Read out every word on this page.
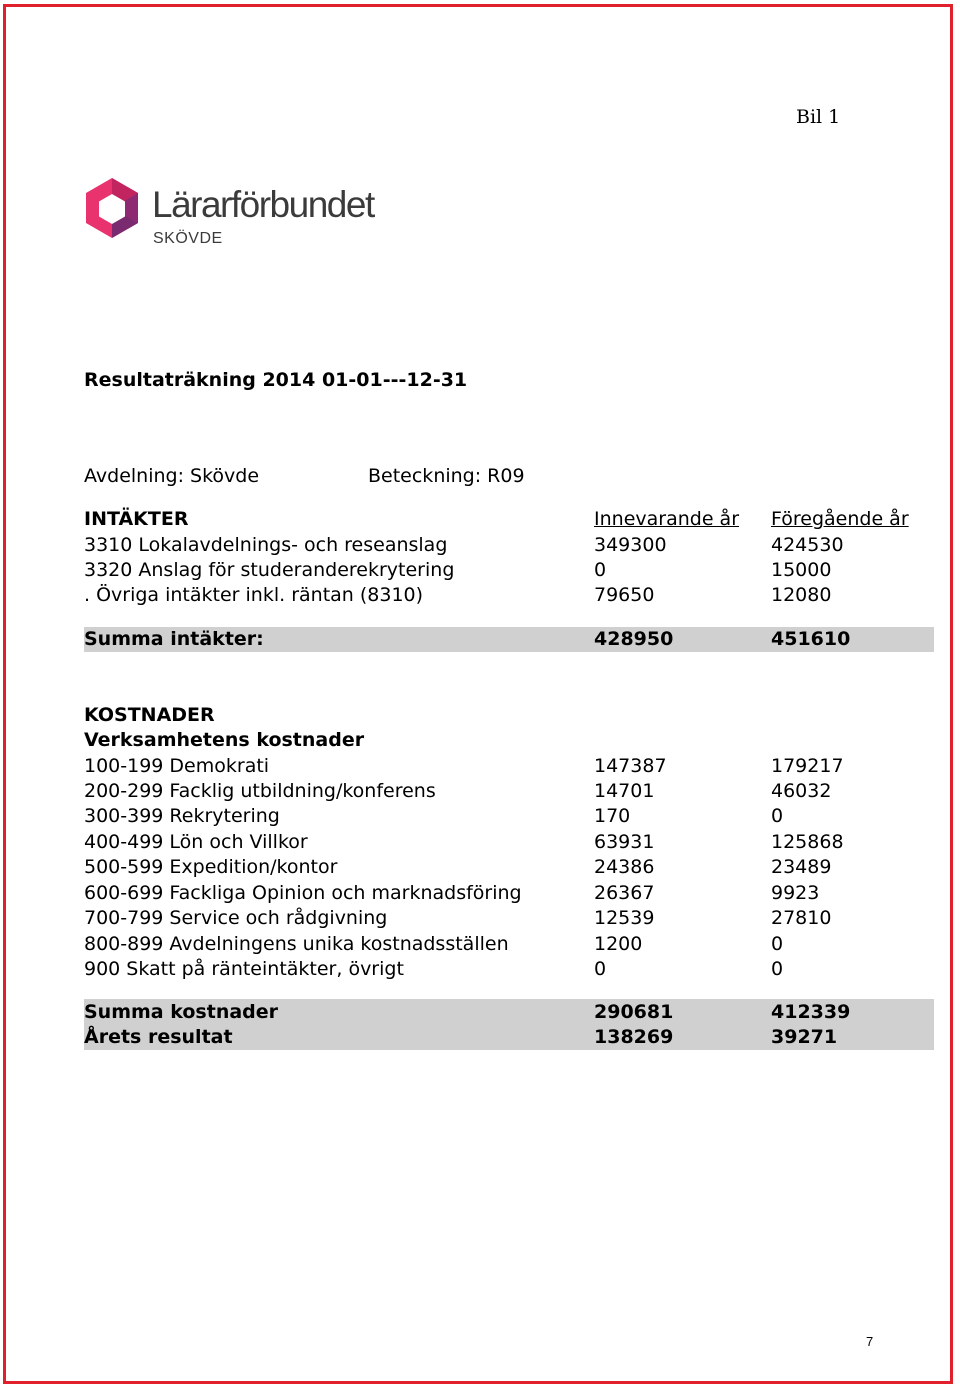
Bil 1
Lärarförbundet
SKÖVDE
Resultaträkning 2014 01-01---12-31
Avdelning: Skövde	Beteckning: R09
INTÄKTER	Innevarande år Föregående år
3310 Lokalavdelnings- och reseanslag	349300	424530
3320 Anslag för studeranderekrytering	0	15000
. Övriga intäkter inkl. räntan (8310)	79650	12080
Summa intäkter:	428950	451610
KOSTNADER
Verksamhetens kostnader
100-199 Demokrati	147387	179217
200-299 Facklig utbildning/konferens	14701	46032
300-399 Rekrytering	170	0
400-499 Lön och Villkor	63931	125868
500-599 Expedition/kontor	24386	23489
600-699 Fackliga Opinion och marknadsföring	26367	9923
700-799 Service och rådgivning	12539	27810
800-899 Avdelningens unika kostnadsställen	1200	0
900 Skatt på ränteintäkter, övrigt	0	0
Summa kostnader	290681	412339
Årets resultat	138269	39271
7
